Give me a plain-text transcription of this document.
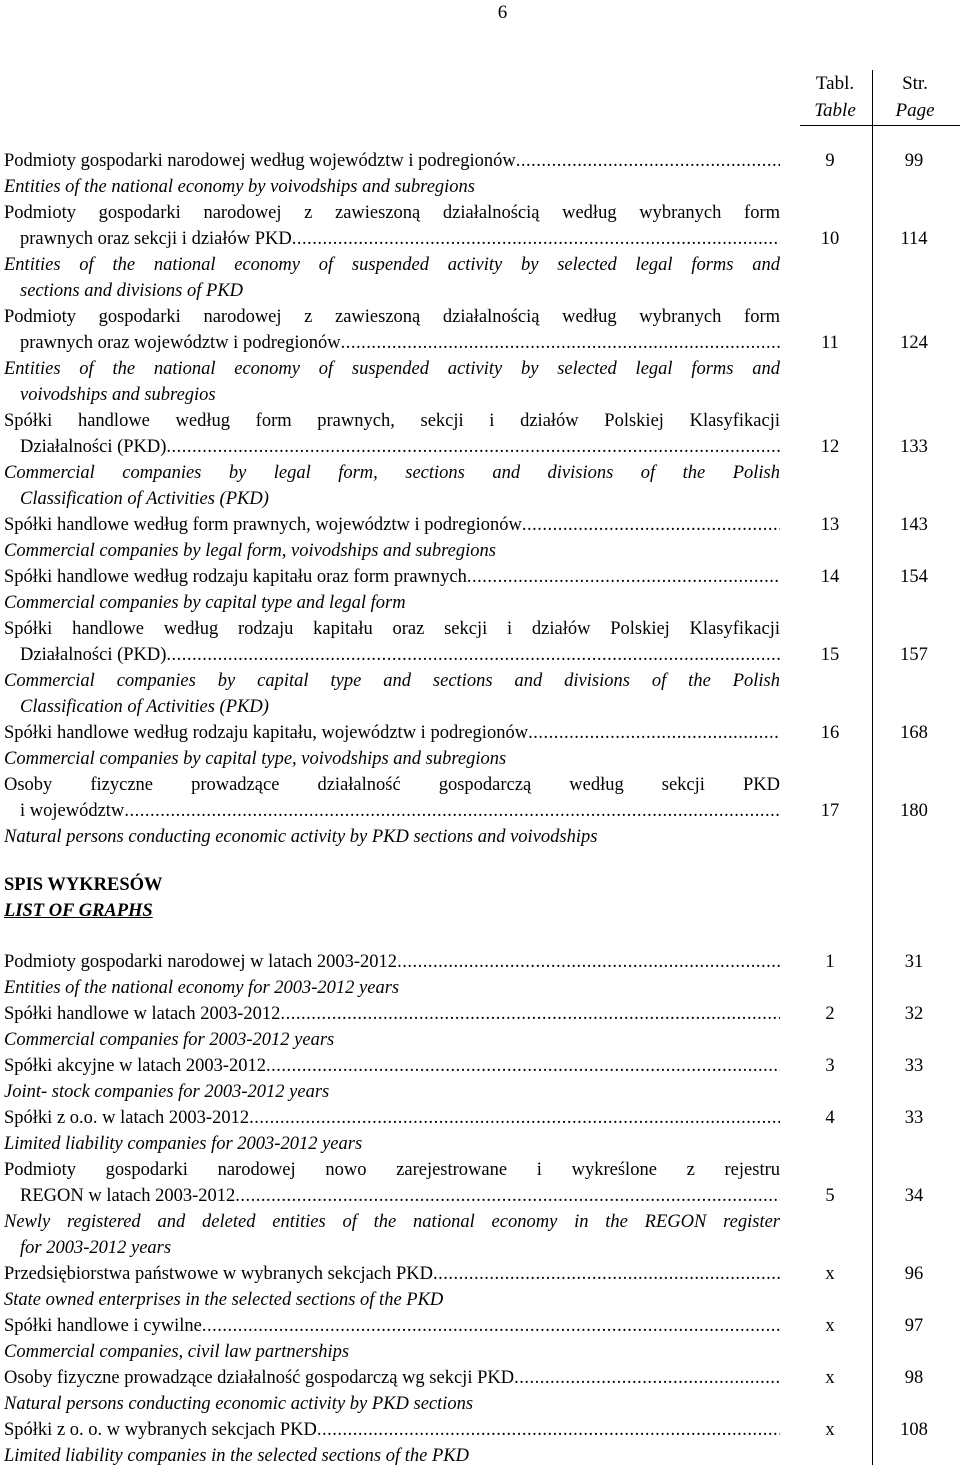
6
Tabl.
Table
Str.
Page
Podmioty gospodarki narodowej według województw i podregionów .....	9	99
Entities of the national economy by voivodships and subregions
Podmioty gospodarki narodowej z zawieszoną działalnością według wybranych form
prawnych oraz sekcji i działów PKD .....	10	114
Entities of the national economy of suspended activity by selected legal forms and
sections and divisions of PKD
Podmioty gospodarki narodowej z zawieszoną działalnością według wybranych form
prawnych oraz województw i podregionów .....	11	124
Entities of the national economy of suspended activity by selected legal forms and
voivodships and subregios
Spółki handlowe według form prawnych, sekcji i działów Polskiej Klasyfikacji
Działalności (PKD) .....	12	133
Commercial companies by legal form, sections and divisions of the Polish
Classification of Activities (PKD)
Spółki handlowe według form prawnych, województw i podregionów .....	13	143
Commercial companies by legal form, voivodships and subregions
Spółki handlowe według rodzaju kapitału oraz form prawnych .....	14	154
Commercial companies by capital type and legal form
Spółki handlowe według rodzaju kapitału oraz sekcji i działów Polskiej Klasyfikacji
Działalności (PKD) .....	15	157
Commercial companies by capital type and sections and divisions of the Polish
Classification of Activities (PKD)
Spółki handlowe według rodzaju kapitału, województw i podregionów .....	16	168
Commercial companies by capital type, voivodships and subregions
Osoby fizyczne prowadzące działalność gospodarczą według sekcji PKD
i województw .....	17	180
Natural persons conducting economic activity by PKD sections and voivodships
SPIS WYKRESÓW
LIST OF GRAPHS
Podmioty gospodarki narodowej w latach 2003-2012 .....	1	31
Entities of the national economy for 2003-2012 years
Spółki handlowe w latach 2003-2012 .....	2	32
Commercial companies for 2003-2012 years
Spółki akcyjne w latach 2003-2012 .....	3	33
Joint- stock companies for 2003-2012 years
Spółki z o.o. w latach 2003-2012 .....	4	33
Limited liability companies for 2003-2012 years
Podmioty gospodarki narodowej nowo zarejestrowane i wykreślone z rejestru
REGON w latach 2003-2012 .....	5	34
Newly registered and deleted entities of the national economy in the REGON register
for 2003-2012 years
Przedsiębiorstwa państwowe w wybranych sekcjach PKD .....	x	96
State owned enterprises in the selected sections of the PKD
Spółki handlowe i cywilne .....	x	97
Commercial companies, civil law partnerships
Osoby fizyczne prowadzące działalność gospodarczą wg sekcji PKD .....	x	98
Natural persons conducting economic activity by PKD sections
Spółki z o. o. w wybranych sekcjach PKD .....	x	108
Limited liability companies in the selected sections of the PKD
